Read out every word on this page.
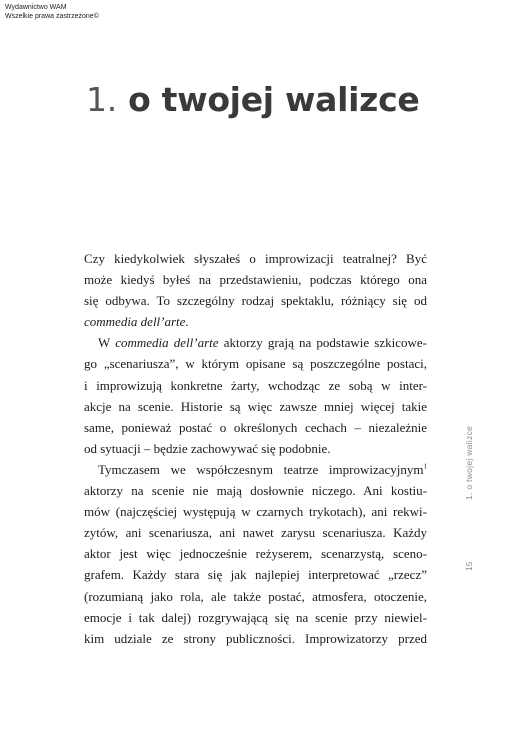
Wydawnictwo WAM
Wszelkie prawa zastrzeżone©
1. o twojej walizce
Czy kiedykolwiek słyszałeś o improwizacji teatralnej? Być
może kiedyś byłeś na przedstawieniu, podczas którego ona
się odbywa. To szczególny rodzaj spektaklu, różniący się od
commedia dell’arte.
W commedia dell’arte aktorzy grają na podstawie szkicowe-
go „scenariusza”, w którym opisane są poszczególne postaci,
i improwizują konkretne żarty, wchodząc ze sobą w inter-
akcje na scenie. Historie są więc zawsze mniej więcej takie
same, ponieważ postać o określonych cechach – niezależnie
od sytuacji – będzie zachowywać się podobnie.
Tymczasem we współczesnym teatrze improwizacyjnym$^1$
aktorzy na scenie nie mają dosłownie niczego. Ani kostiu-
mów (najczęściej występują w czarnych trykotach), ani rekwi-
zytów, ani scenariusza, ani nawet zarysu scenariusza. Każdy
aktor jest więc jednocześnie reżyserem, scenarzystą, sceno-
grafem. Każdy stara się jak najlepiej interpretować „rzecz”
(rozumianą jako rola, ale także postać, atmosfera, otoczenie,
emocje i tak dalej) rozgrywającą się na scenie przy niewiel-
kim udziale ze strony publiczności. Improwizatorzy przed
1. o twojej walizce
15
